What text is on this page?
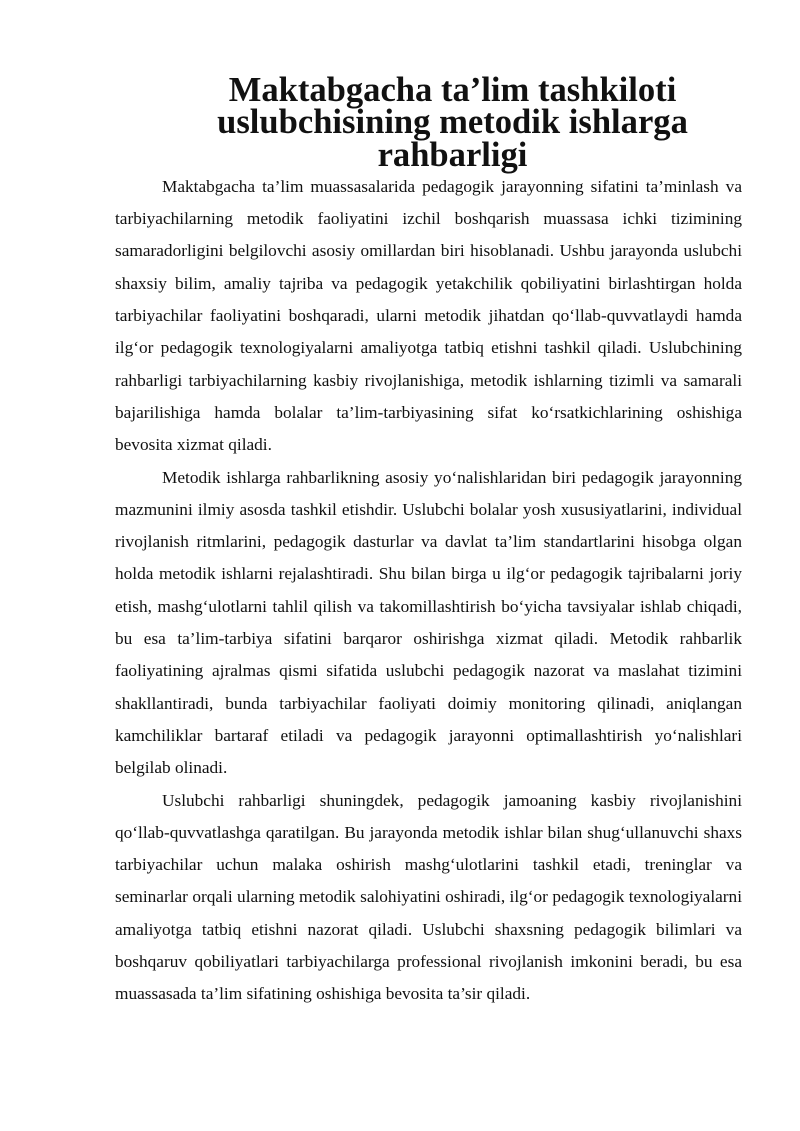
Maktabgacha ta’lim tashkiloti uslubchisining metodik ishlarga
rahbarligi

Maktabgacha ta’lim muassasalarida pedagogik jarayonning sifatini ta’minlash va tarbiyachilarning metodik faoliyatini izchil boshqarish muassasa ichki tizimining samaradorligini belgilovchi asosiy omillardan biri hisoblanadi. Ushbu jarayonda uslubchi shaxsiy bilim, amaliy tajriba va pedagogik yetakchilik qobiliyatini birlashtirgan holda tarbiyachilar faoliyatini boshqaradi, ularni metodik jihatdan qo‘llab-quvvatlaydi hamda ilg‘or pedagogik texnologiyalarni amaliyotga tatbiq etishni tashkil qiladi. Uslubchining rahbarligi tarbiyachilarning kasbiy rivojlanishiga, metodik ishlarning tizimli va samarali bajarilishiga hamda bolalar ta’lim-tarbiyasining sifat ko‘rsatkichlarining oshishiga bevosita xizmat qiladi.

Metodik ishlarga rahbarlikning asosiy yo‘nalishlaridan biri pedagogik jarayonning mazmunini ilmiy asosda tashkil etishdir. Uslubchi bolalar yosh xususiyatlarini, individual rivojlanish ritmlarini, pedagogik dasturlar va davlat ta’lim standartlarini hisobga olgan holda metodik ishlarni rejalashtiradi. Shu bilan birga u ilg‘or pedagogik tajribalarni joriy etish, mashg‘ulotlarni tahlil qilish va takomillashtirish bo‘yicha tavsiyalar ishlab chiqadi, bu esa ta’lim-tarbiya sifatini barqaror oshirishga xizmat qiladi. Metodik rahbarlik faoliyatining ajralmas qismi sifatida uslubchi pedagogik nazorat va maslahat tizimini shakllantiradi, bunda tarbiyachilar faoliyati doimiy monitoring qilinadi, aniqlangan kamchiliklar bartaraf etiladi va pedagogik jarayonni optimallashtirish yo‘nalishlari belgilab olinadi.

Uslubchi rahbarligi shuningdek, pedagogik jamoaning kasbiy rivojlanishini qo‘llab-quvvatlashga qaratilgan. Bu jarayonda metodik ishlar bilan shug‘ullanuvchi shaxs tarbiyachilar uchun malaka oshirish mashg‘ulotlarini tashkil etadi, treninglar va seminarlar orqali ularning metodik salohiyatini oshiradi, ilg‘or pedagogik texnologiyalarni amaliyotga tatbiq etishni nazorat qiladi. Uslubchi shaxsning pedagogik bilimlari va boshqaruv qobiliyatlari tarbiyachilarga professional rivojlanish imkonini beradi, bu esa muassasada ta’lim sifatining oshishiga bevosita ta’sir qiladi.
